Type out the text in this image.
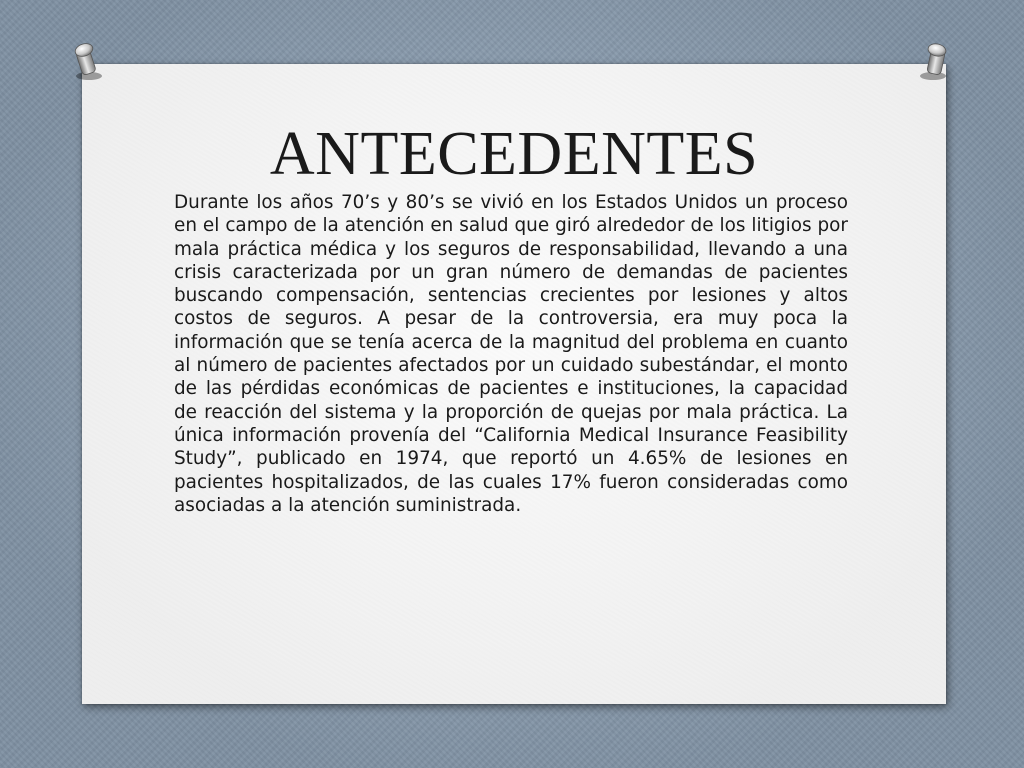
ANTECEDENTES

Durante los años 70’s y 80’s se vivió en los Estados Unidos un proceso en el campo de la atención en salud que giró alrededor de los litigios por mala práctica médica y los seguros de responsabilidad, llevando a una crisis caracterizada por un gran número de demandas de pacientes buscando compensación, sentencias crecientes por lesiones y altos costos de seguros. A pesar de la controversia, era muy poca la información que se tenía acerca de la magnitud del problema en cuanto al número de pacientes afectados por un cuidado subestándar, el monto de las pérdidas económicas de pacientes e instituciones, la capacidad de reacción del sistema y la proporción de quejas por mala práctica. La única información provenía del “California Medical Insurance Feasibility Study”, publicado en 1974, que reportó un 4.65% de lesiones en pacientes hospitalizados, de las cuales 17% fueron consideradas como asociadas a la atención suministrada.
